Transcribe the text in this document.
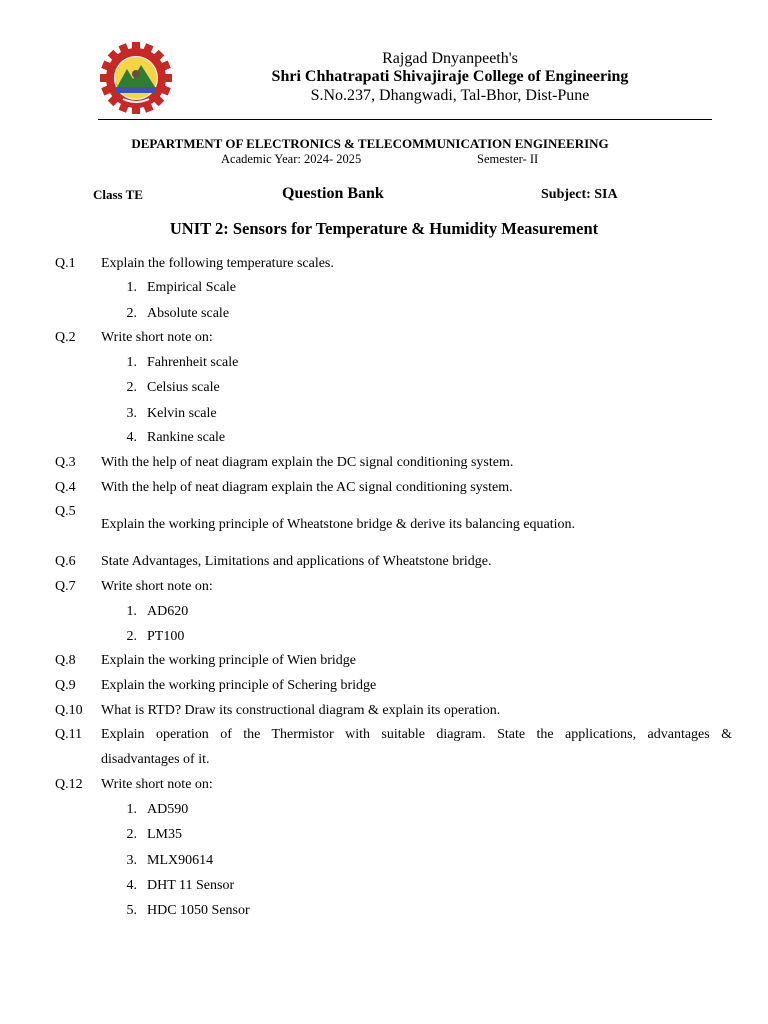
Rajgad Dnyanpeeth's
Shri Chhatrapati Shivajiraje College of Engineering
S.No.237, Dhangwadi, Tal-Bhor, Dist-Pune
DEPARTMENT OF ELECTRONICS & TELECOMMUNICATION ENGINEERING
Academic Year: 2024- 2025	Semester- II
Class TE	Question Bank	Subject: SIA
UNIT 2: Sensors for Temperature & Humidity Measurement
Q.1 Explain the following temperature scales.
1. Empirical Scale
2. Absolute scale
Q.2 Write short note on:
1. Fahrenheit scale
2. Celsius scale
3. Kelvin scale
4. Rankine scale
Q.3 With the help of neat diagram explain the DC signal conditioning system.
Q.4 With the help of neat diagram explain the AC signal conditioning system.
Q.5
Explain the working principle of Wheatstone bridge & derive its balancing equation.
Q.6 State Advantages, Limitations and applications of Wheatstone bridge.
Q.7 Write short note on:
1. AD620
2. PT100
Q.8 Explain the working principle of Wien bridge
Q.9 Explain the working principle of Schering bridge
Q.10 What is RTD? Draw its constructional diagram & explain its operation.
Q.11 Explain operation of the Thermistor with suitable diagram. State the applications, advantages &
disadvantages of it.
Q.12 Write short note on:
1. AD590
2. LM35
3. MLX90614
4. DHT 11 Sensor
5. HDC 1050 Sensor
